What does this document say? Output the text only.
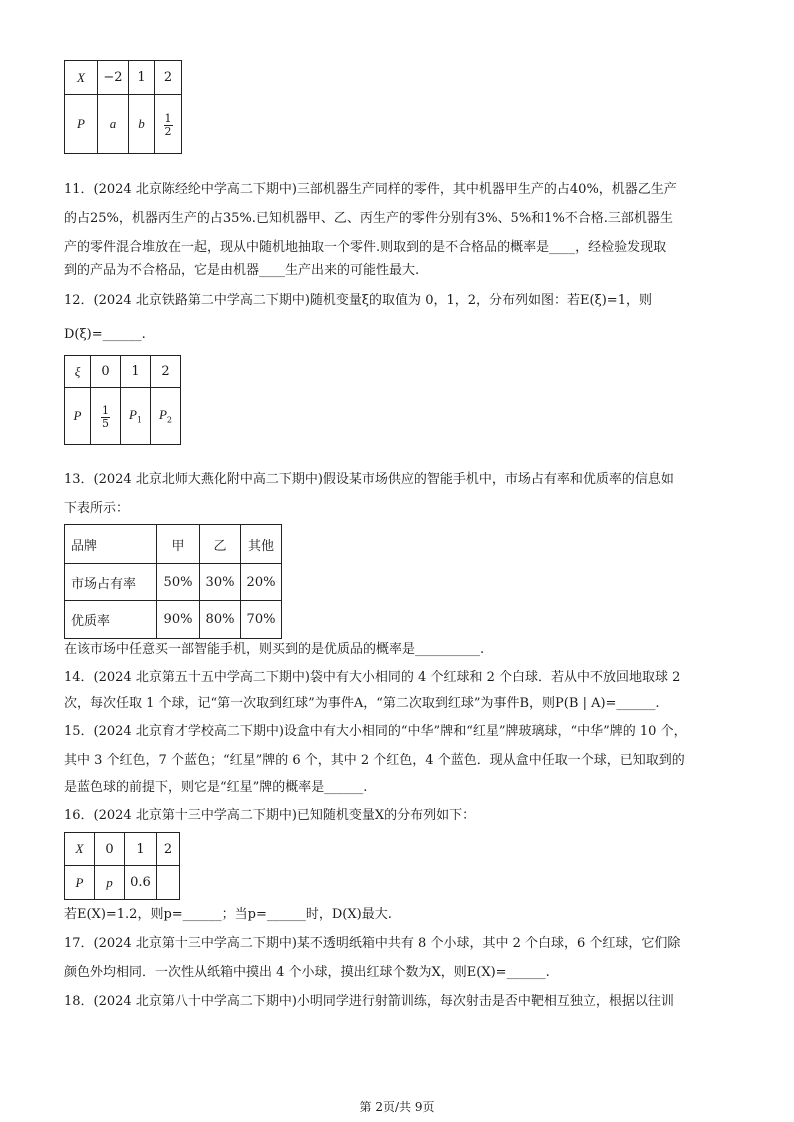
X	−2	1	2
P	a	b	$\frac{1}{2}$
11．(2024 北京陈经纶中学高二下期中)三部机器生产同样的零件，其中机器甲生产的占40%，机器乙生产
的占25%，机器丙生产的占35%.已知机器甲、乙、丙生产的零件分别有3%、5%和1%不合格.三部机器生
产的零件混合堆放在一起，现从中随机地抽取一个零件.则取到的是不合格品的概率是____，经检验发现取
到的产品为不合格品，它是由机器____生产出来的可能性最大.
12．(2024 北京铁路第二中学高二下期中)随机变量ξ的取值为 0，1，2，分布列如图：若E(ξ)=1，则
D(ξ)=______.
ξ	0	1	2
P	$\frac{1}{5}$	$P_1$	$P_2$
13．(2024 北京北师大燕化附中高二下期中)假设某市场供应的智能手机中，市场占有率和优质率的信息如
下表所示：
品牌	甲	乙	其他
市场占有率	50%	30%	20%
优质率	90%	80%	70%
在该市场中任意买一部智能手机，则买到的是优质品的概率是__________.
14．(2024 北京第五十五中学高二下期中)袋中有大小相同的 4 个红球和 2 个白球．若从中不放回地取球 2
次，每次任取 1 个球，记“第一次取到红球”为事件A，“第二次取到红球”为事件B，则P(B | A)=______.
15．(2024 北京育才学校高二下期中)设盒中有大小相同的“中华”牌和“红星”牌玻璃球，“中华”牌的 10 个，
其中 3 个红色，7 个蓝色；“红星”牌的 6 个，其中 2 个红色，4 个蓝色．现从盒中任取一个球，已知取到的
是蓝色球的前提下，则它是“红星”牌的概率是______.
16．(2024 北京第十三中学高二下期中)已知随机变量X的分布列如下：
X	0	1	2
P	p	0.6	
若E(X)=1.2，则p=______；当p=______时，D(X)最大.
17．(2024 北京第十三中学高二下期中)某不透明纸箱中共有 8 个小球，其中 2 个白球，6 个红球，它们除
颜色外均相同．一次性从纸箱中摸出 4 个小球，摸出红球个数为X，则E(X)=______.
18．(2024 北京第八十中学高二下期中)小明同学进行射箭训练，每次射击是否中靶相互独立，根据以往训
第 2页/共 9页
